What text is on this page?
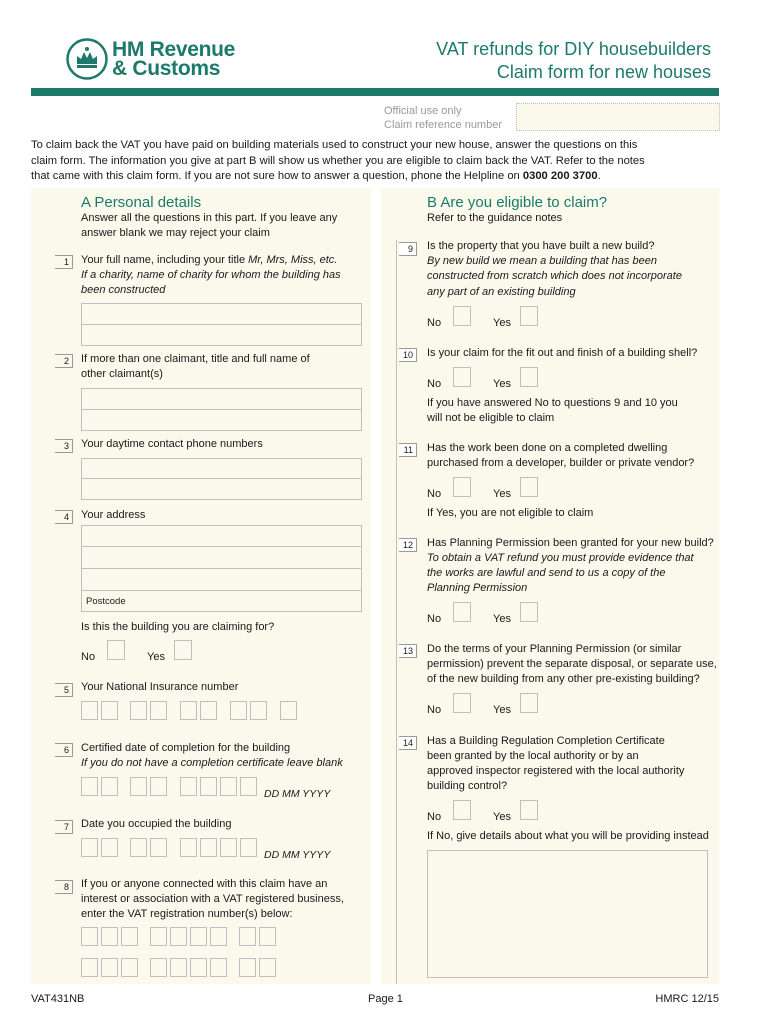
HM Revenue
& Customs
VAT refunds for DIY housebuilders
Claim form for new houses
Official use only
Claim reference number
To claim back the VAT you have paid on building materials used to construct your new house, answer the questions on this
claim form. The information you give at part B will show us whether you are eligible to claim back the VAT. Refer to the notes
that came with this claim form. If you are not sure how to answer a question, phone the Helpline on 0300 200 3700.
A Personal details
Answer all the questions in this part. If you leave any
answer blank we may reject your claim
1	Your full name, including your title Mr, Mrs, Miss, etc.
If a charity, name of charity for whom the building has
been constructed
2	If more than one claimant, title and full name of
other claimant(s)
3	Your daytime contact phone numbers
4	Your address
Postcode
Is this the building you are claiming for?
No	Yes
5	Your National Insurance number
6	Certified date of completion for the building
If you do not have a completion certificate leave blank
DD MM YYYY
7	Date you occupied the building
DD MM YYYY
8	If you or anyone connected with this claim have an
interest or association with a VAT registered business,
enter the VAT registration number(s) below:
B Are you eligible to claim?
Refer to the guidance notes
9	Is the property that you have built a new build?
By new build we mean a building that has been
constructed from scratch which does not incorporate
any part of an existing building
No	Yes
10	Is your claim for the fit out and finish of a building shell?
No	Yes
If you have answered No to questions 9 and 10 you
will not be eligible to claim
11	Has the work been done on a completed dwelling
purchased from a developer, builder or private vendor?
No	Yes
If Yes, you are not eligible to claim
12	Has Planning Permission been granted for your new build?
To obtain a VAT refund you must provide evidence that
the works are lawful and send to us a copy of the
Planning Permission
No	Yes
13	Do the terms of your Planning Permission (or similar
permission) prevent the separate disposal, or separate use,
of the new building from any other pre-existing building?
No	Yes
14	Has a Building Regulation Completion Certificate
been granted by the local authority or by an
approved inspector registered with the local authority
building control?
No	Yes
If No, give details about what you will be providing instead
VAT431NB	Page 1	HMRC 12/15
